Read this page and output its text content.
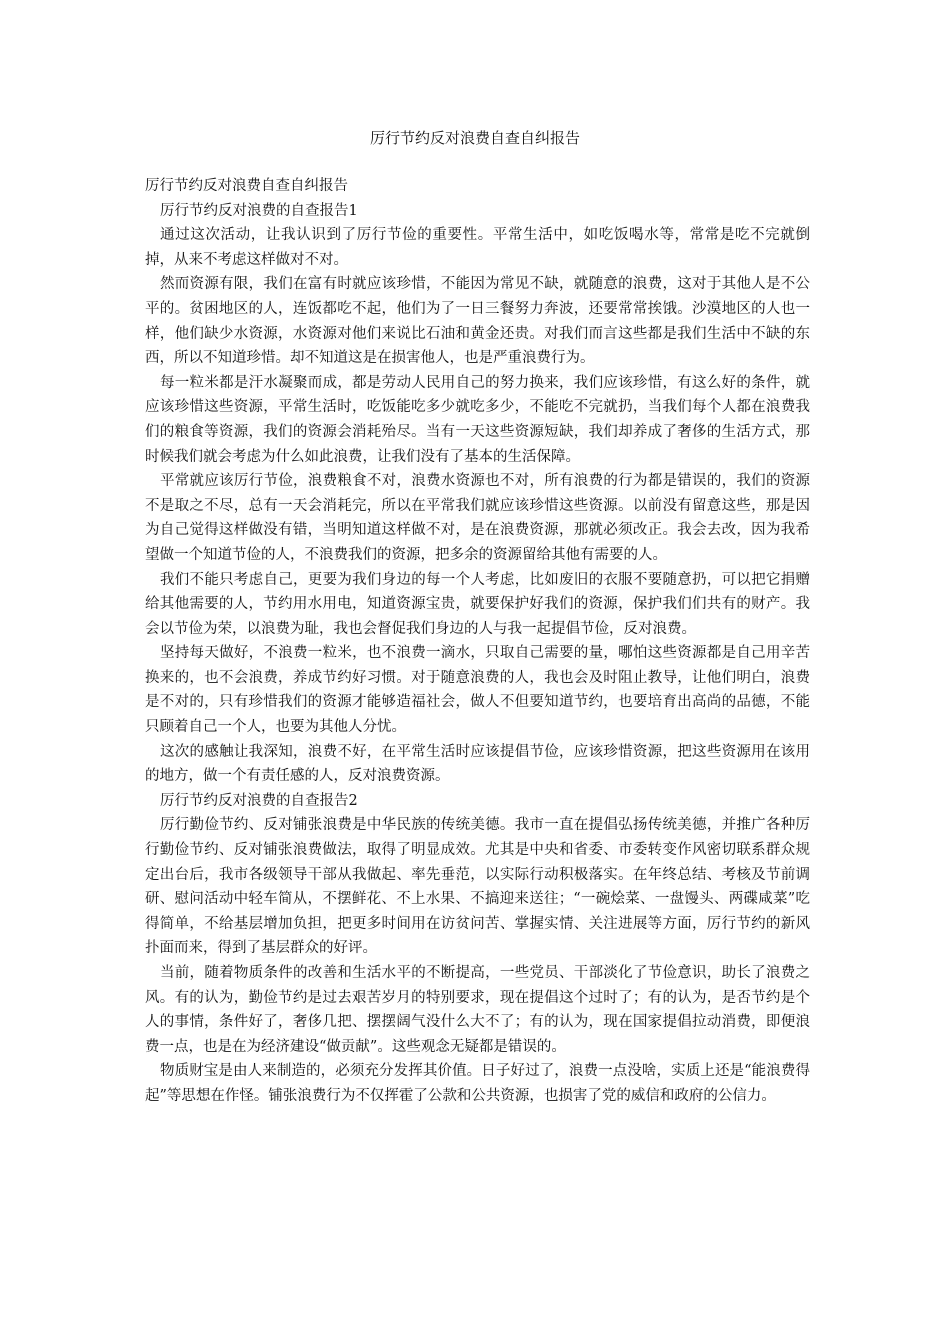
厉行节约反对浪费自查自纠报告

厉行节约反对浪费自查自纠报告

厉行节约反对浪费的自查报告1

通过这次活动，让我认识到了厉行节俭的重要性。平常生活中，如吃饭喝水等，常常是吃不完就倒掉，从来不考虑这样做对不对。

然而资源有限，我们在富有时就应该珍惜，不能因为常见不缺，就随意的浪费，这对于其他人是不公平的。贫困地区的人，连饭都吃不起，他们为了一日三餐努力奔波，还要常常挨饿。沙漠地区的人也一样，他们缺少水资源，水资源对他们来说比石油和黄金还贵。对我们而言这些都是我们生活中不缺的东西，所以不知道珍惜。却不知道这是在损害他人，也是严重浪费行为。

每一粒米都是汗水凝聚而成，都是劳动人民用自己的努力换来，我们应该珍惜，有这么好的条件，就应该珍惜这些资源，平常生活时，吃饭能吃多少就吃多少，不能吃不完就扔，当我们每个人都在浪费我们的粮食等资源，我们的资源会消耗殆尽。当有一天这些资源短缺，我们却养成了奢侈的生活方式，那时候我们就会考虑为什么如此浪费，让我们没有了基本的生活保障。

平常就应该厉行节俭，浪费粮食不对，浪费水资源也不对，所有浪费的行为都是错误的，我们的资源不是取之不尽，总有一天会消耗完，所以在平常我们就应该珍惜这些资源。以前没有留意这些，那是因为自己觉得这样做没有错，当明知道这样做不对，是在浪费资源，那就必须改正。我会去改，因为我希望做一个知道节俭的人，不浪费我们的资源，把多余的资源留给其他有需要的人。

我们不能只考虑自己，更要为我们身边的每一个人考虑，比如废旧的衣服不要随意扔，可以把它捐赠给其他需要的人，节约用水用电，知道资源宝贵，就要保护好我们的资源，保护我们们共有的财产。我会以节俭为荣，以浪费为耻，我也会督促我们身边的人与我一起提倡节俭，反对浪费。

坚持每天做好，不浪费一粒米，也不浪费一滴水，只取自己需要的量，哪怕这些资源都是自己用辛苦换来的，也不会浪费，养成节约好习惯。对于随意浪费的人，我也会及时阻止教导，让他们明白，浪费是不对的，只有珍惜我们的资源才能够造福社会，做人不但要知道节约，也要培育出高尚的品德，不能只顾着自己一个人，也要为其他人分忧。

这次的感触让我深知，浪费不好，在平常生活时应该提倡节俭，应该珍惜资源，把这些资源用在该用的地方，做一个有责任感的人，反对浪费资源。

厉行节约反对浪费的自查报告2

厉行勤俭节约、反对铺张浪费是中华民族的传统美德。我市一直在提倡弘扬传统美德，并推广各种厉行勤俭节约、反对铺张浪费做法，取得了明显成效。尤其是中央和省委、市委转变作风密切联系群众规定出台后，我市各级领导干部从我做起、率先垂范，以实际行动积极落实。在年终总结、考核及节前调研、慰问活动中轻车简从，不摆鲜花、不上水果、不搞迎来送往；“一碗烩菜、一盘馒头、两碟咸菜”吃得简单，不给基层增加负担，把更多时间用在访贫问苦、掌握实情、关注进展等方面，厉行节约的新风扑面而来，得到了基层群众的好评。

当前，随着物质条件的改善和生活水平的不断提高，一些党员、干部淡化了节俭意识，助长了浪费之风。有的认为，勤俭节约是过去艰苦岁月的特别要求，现在提倡这个过时了；有的认为，是否节约是个人的事情，条件好了，奢侈几把、摆摆阔气没什么大不了；有的认为，现在国家提倡拉动消费，即便浪费一点，也是在为经济建设“做贡献”。这些观念无疑都是错误的。

物质财宝是由人来制造的，必须充分发挥其价值。日子好过了，浪费一点没啥，实质上还是“能浪费得起”等思想在作怪。铺张浪费行为不仅挥霍了公款和公共资源，也损害了党的威信和政府的公信力。
